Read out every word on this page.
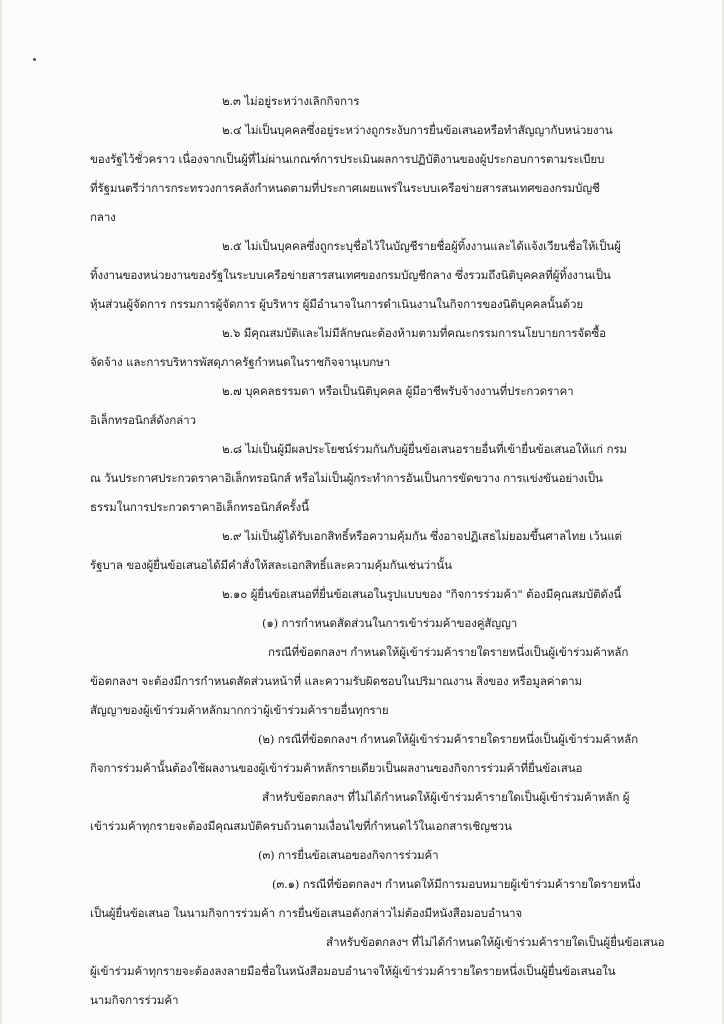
๒.๓ ไม่อยู่ระหว่างเลิกกิจการ
๒.๔ ไม่เป็นบุคคลซึ่งอยู่ระหว่างถูกระงับการยื่นข้อเสนอหรือทำสัญญากับหน่วยงาน
ของรัฐไว้ชั่วคราว เนื่องจากเป็นผู้ที่ไม่ผ่านเกณฑ์การประเมินผลการปฏิบัติงานของผู้ประกอบการตามระเบียบ
ที่รัฐมนตรีว่าการกระทรวงการคลังกำหนดตามที่ประกาศเผยแพร่ในระบบเครือข่ายสารสนเทศของกรมบัญชี
กลาง
๒.๕ ไม่เป็นบุคคลซึ่งถูกระบุชื่อไว้ในบัญชีรายชื่อผู้ทิ้งงานและได้แจ้งเวียนชื่อให้เป็นผู้
ทิ้งงานของหน่วยงานของรัฐในระบบเครือข่ายสารสนเทศของกรมบัญชีกลาง ซึ่งรวมถึงนิติบุคคลที่ผู้ทิ้งงานเป็น
หุ้นส่วนผู้จัดการ กรรมการผู้จัดการ ผู้บริหาร ผู้มีอำนาจในการดำเนินงานในกิจการของนิติบุคคลนั้นด้วย
๒.๖ มีคุณสมบัติและไม่มีลักษณะต้องห้ามตามที่คณะกรรมการนโยบายการจัดซื้อ
จัดจ้าง และการบริหารพัสดุภาครัฐกำหนดในราชกิจจานุเบกษา
๒.๗ บุคคลธรรมดา หรือเป็นนิติบุคคล ผู้มีอาชีพรับจ้างงานที่ประกวดราคา
อิเล็กทรอนิกส์ดังกล่าว
๒.๘ ไม่เป็นผู้มีผลประโยชน์ร่วมกันกับผู้ยื่นข้อเสนอรายอื่นที่เข้ายื่นข้อเสนอให้แก่ กรม
ณ วันประกาศประกวดราคาอิเล็กทรอนิกส์ หรือไม่เป็นผู้กระทำการอันเป็นการขัดขวาง การแข่งขันอย่างเป็น
ธรรมในการประกวดราคาอิเล็กทรอนิกส์ครั้งนี้
๒.๙ ไม่เป็นผู้ได้รับเอกสิทธิ์หรือความคุ้มกัน ซึ่งอาจปฏิเสธไม่ยอมขึ้นศาลไทย เว้นแต่
รัฐบาล ของผู้ยื่นข้อเสนอได้มีคำสั่งให้สละเอกสิทธิ์และความคุ้มกันเช่นว่านั้น
๒.๑๐ ผู้ยื่นข้อเสนอที่ยื่นข้อเสนอในรูปแบบของ "กิจการร่วมค้า" ต้องมีคุณสมบัติดังนี้
(๑) การกำหนดสัดส่วนในการเข้าร่วมค้าของคู่สัญญา
กรณีที่ข้อตกลงฯ กำหนดให้ผู้เข้าร่วมค้ารายใดรายหนึ่งเป็นผู้เข้าร่วมค้าหลัก
ข้อตกลงฯ จะต้องมีการกำหนดสัดส่วนหน้าที่ และความรับผิดชอบในปริมาณงาน สิ่งของ หรือมูลค่าตาม
สัญญาของผู้เข้าร่วมค้าหลักมากกว่าผู้เข้าร่วมค้ารายอื่นทุกราย
(๒) กรณีที่ข้อตกลงฯ กำหนดให้ผู้เข้าร่วมค้ารายใดรายหนึ่งเป็นผู้เข้าร่วมค้าหลัก
กิจการร่วมค้านั้นต้องใช้ผลงานของผู้เข้าร่วมค้าหลักรายเดียวเป็นผลงานของกิจการร่วมค้าที่ยื่นข้อเสนอ
สำหรับข้อตกลงฯ ที่ไม่ได้กำหนดให้ผู้เข้าร่วมค้ารายใดเป็นผู้เข้าร่วมค้าหลัก ผู้
เข้าร่วมค้าทุกรายจะต้องมีคุณสมบัติครบถ้วนตามเงื่อนไขที่กำหนดไว้ในเอกสารเชิญชวน
(๓) การยื่นข้อเสนอของกิจการร่วมค้า
(๓.๑) กรณีที่ข้อตกลงฯ กำหนดให้มีการมอบหมายผู้เข้าร่วมค้ารายใดรายหนึ่ง
เป็นผู้ยื่นข้อเสนอ ในนามกิจการร่วมค้า การยื่นข้อเสนอดังกล่าวไม่ต้องมีหนังสือมอบอำนาจ
สำหรับข้อตกลงฯ ที่ไม่ได้กำหนดให้ผู้เข้าร่วมค้ารายใดเป็นผู้ยื่นข้อเสนอ
ผู้เข้าร่วมค้าทุกรายจะต้องลงลายมือชื่อในหนังสือมอบอำนาจให้ผู้เข้าร่วมค้ารายใดรายหนึ่งเป็นผู้ยื่นข้อเสนอใน
นามกิจการร่วมค้า
